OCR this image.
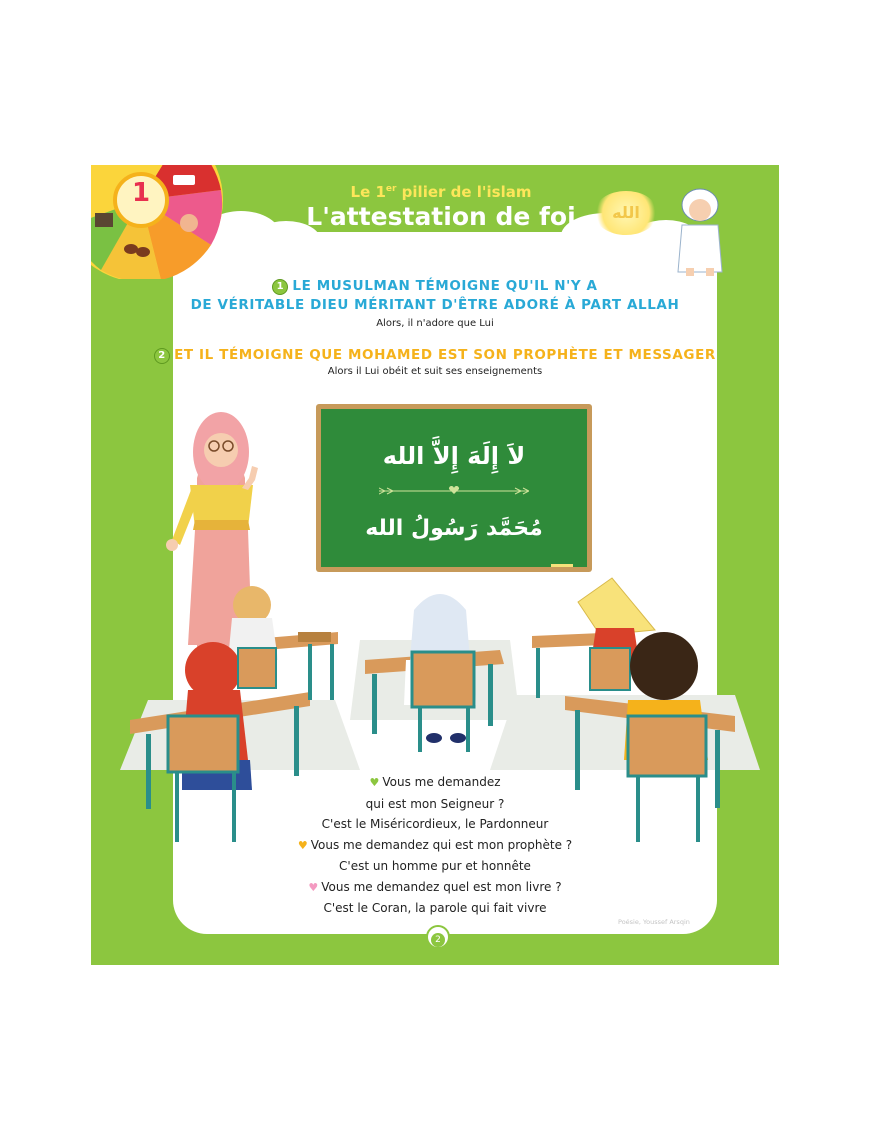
1	Le 1er pilier de l'islam
L'attestation de foi	الله
1 LE MUSULMAN TÉMOIGNE QU'IL N'Y A
DE VÉRITABLE DIEU MÉRITANT D'ÊTRE ADORÉ À PART ALLAH
Alors, il n'adore que Lui
2 ET IL TÉMOIGNE QUE MOHAMED EST SON PROPHÈTE ET MESSAGER
Alors il Lui obéit et suit ses enseignements
لاَ إِلَهَ إِلاَّ الله
مُحَمَّد رَسُولُ الله
♥ Vous me demandez
qui est mon Seigneur ?
C'est le Miséricordieux, le Pardonneur
♥ Vous me demandez qui est mon prophète ?
C'est un homme pur et honnête
♥ Vous me demandez quel est mon livre ?
C'est le Coran, la parole qui fait vivre
Poésie, Youssef Arsqin
2
